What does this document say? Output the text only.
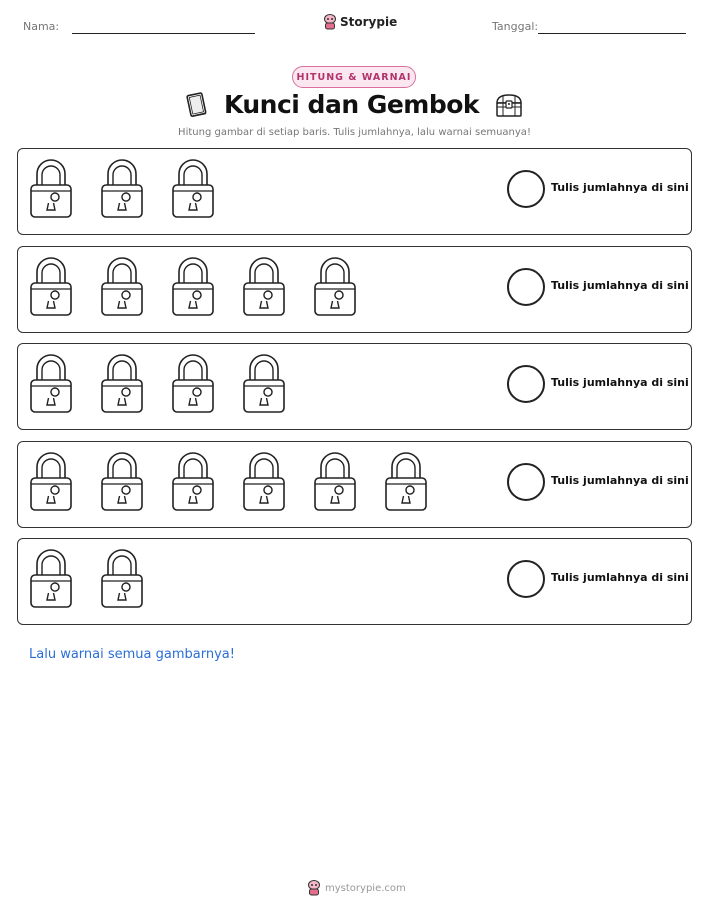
Nama:	Storypie	Tanggal:
HITUNG & WARNAI
Kunci dan Gembok
Hitung gambar di setiap baris. Tulis jumlahnya, lalu warnai semuanya!
Tulis jumlahnya di sini
Tulis jumlahnya di sini
Tulis jumlahnya di sini
Tulis jumlahnya di sini
Tulis jumlahnya di sini
Lalu warnai semua gambarnya!
mystorypie.com
